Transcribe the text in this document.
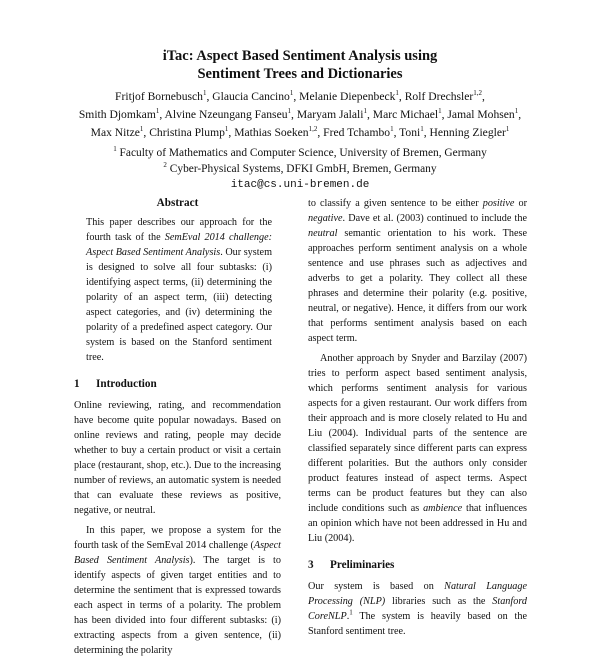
iTac: Aspect Based Sentiment Analysis using
Sentiment Trees and Dictionaries
Fritjof Bornebusch$^1$, Glaucia Cancino$^1$, Melanie Diepenbeck$^1$, Rolf Drechsler$^{1,2}$,
Smith Djomkam$^1$, Alvine Nzeungang Fanseu$^1$, Maryam Jalali$^1$, Marc Michael$^1$, Jamal Mohsen$^1$,
Max Nitze$^1$, Christina Plump$^1$, Mathias Soeken$^{1,2}$, Fred Tchambo$^1$, Toni$^1$, Henning Ziegler$^1$
$^1$ Faculty of Mathematics and Computer Science, University of Bremen, Germany
$^2$ Cyber-Physical Systems, DFKI GmbH, Bremen, Germany
itac@cs.uni-bremen.de
Abstract
This paper describes our approach for the fourth task of the SemEval 2014 challenge: Aspect Based Sentiment Analysis. Our system is designed to solve all four subtasks: (i) identifying aspect terms, (ii) determining the polarity of an aspect term, (iii) detecting aspect categories, and (iv) determining the polarity of a predefined aspect category. Our system is based on the Stanford sentiment tree.
1 Introduction

Online reviewing, rating, and recommendation have become quite popular nowadays. Based on online reviews and rating, people may decide whether to buy a certain product or visit a certain place (restaurant, shop, etc.). Due to the increasing number of reviews, an automatic system is needed that can evaluate these reviews as positive, negative, or neutral.

In this paper, we propose a system for the fourth task of the SemEval 2014 challenge (Aspect Based Sentiment Analysis). The target is to identify aspects of given target entities and to determine the sentiment that is expressed towards each aspect in terms of a polarity. The problem has been divided into four different subtasks: (i) extracting aspects from a given sentence, (ii) determining the polarity

to classify a given sentence to be either positive or negative. Dave et al. (2003) continued to include the neutral semantic orientation to his work. These approaches perform sentiment analysis on a whole sentence and use phrases such as adjectives and adverbs to get a polarity. They collect all these phrases and determine their polarity (e.g. positive, neutral, or negative). Hence, it differs from our work that performs sentiment analysis based on each aspect term.

Another approach by Snyder and Barzilay (2007) tries to perform aspect based sentiment analysis, which performs sentiment analysis for various aspects for a given restaurant. Our work differs from their approach and is more closely related to Hu and Liu (2004). Individual parts of the sentence are classified separately since different parts can express different polarities. But the authors only consider product features instead of aspect terms. Aspect terms can be product features but they can also include conditions such as ambience that influences an opinion which have not been addressed in Hu and Liu (2004).

3 Preliminaries

Our system is based on Natural Language Processing (NLP) libraries such as the Stanford CoreNLP.$^1$ The system is heavily based on the Stanford sentiment tree.
